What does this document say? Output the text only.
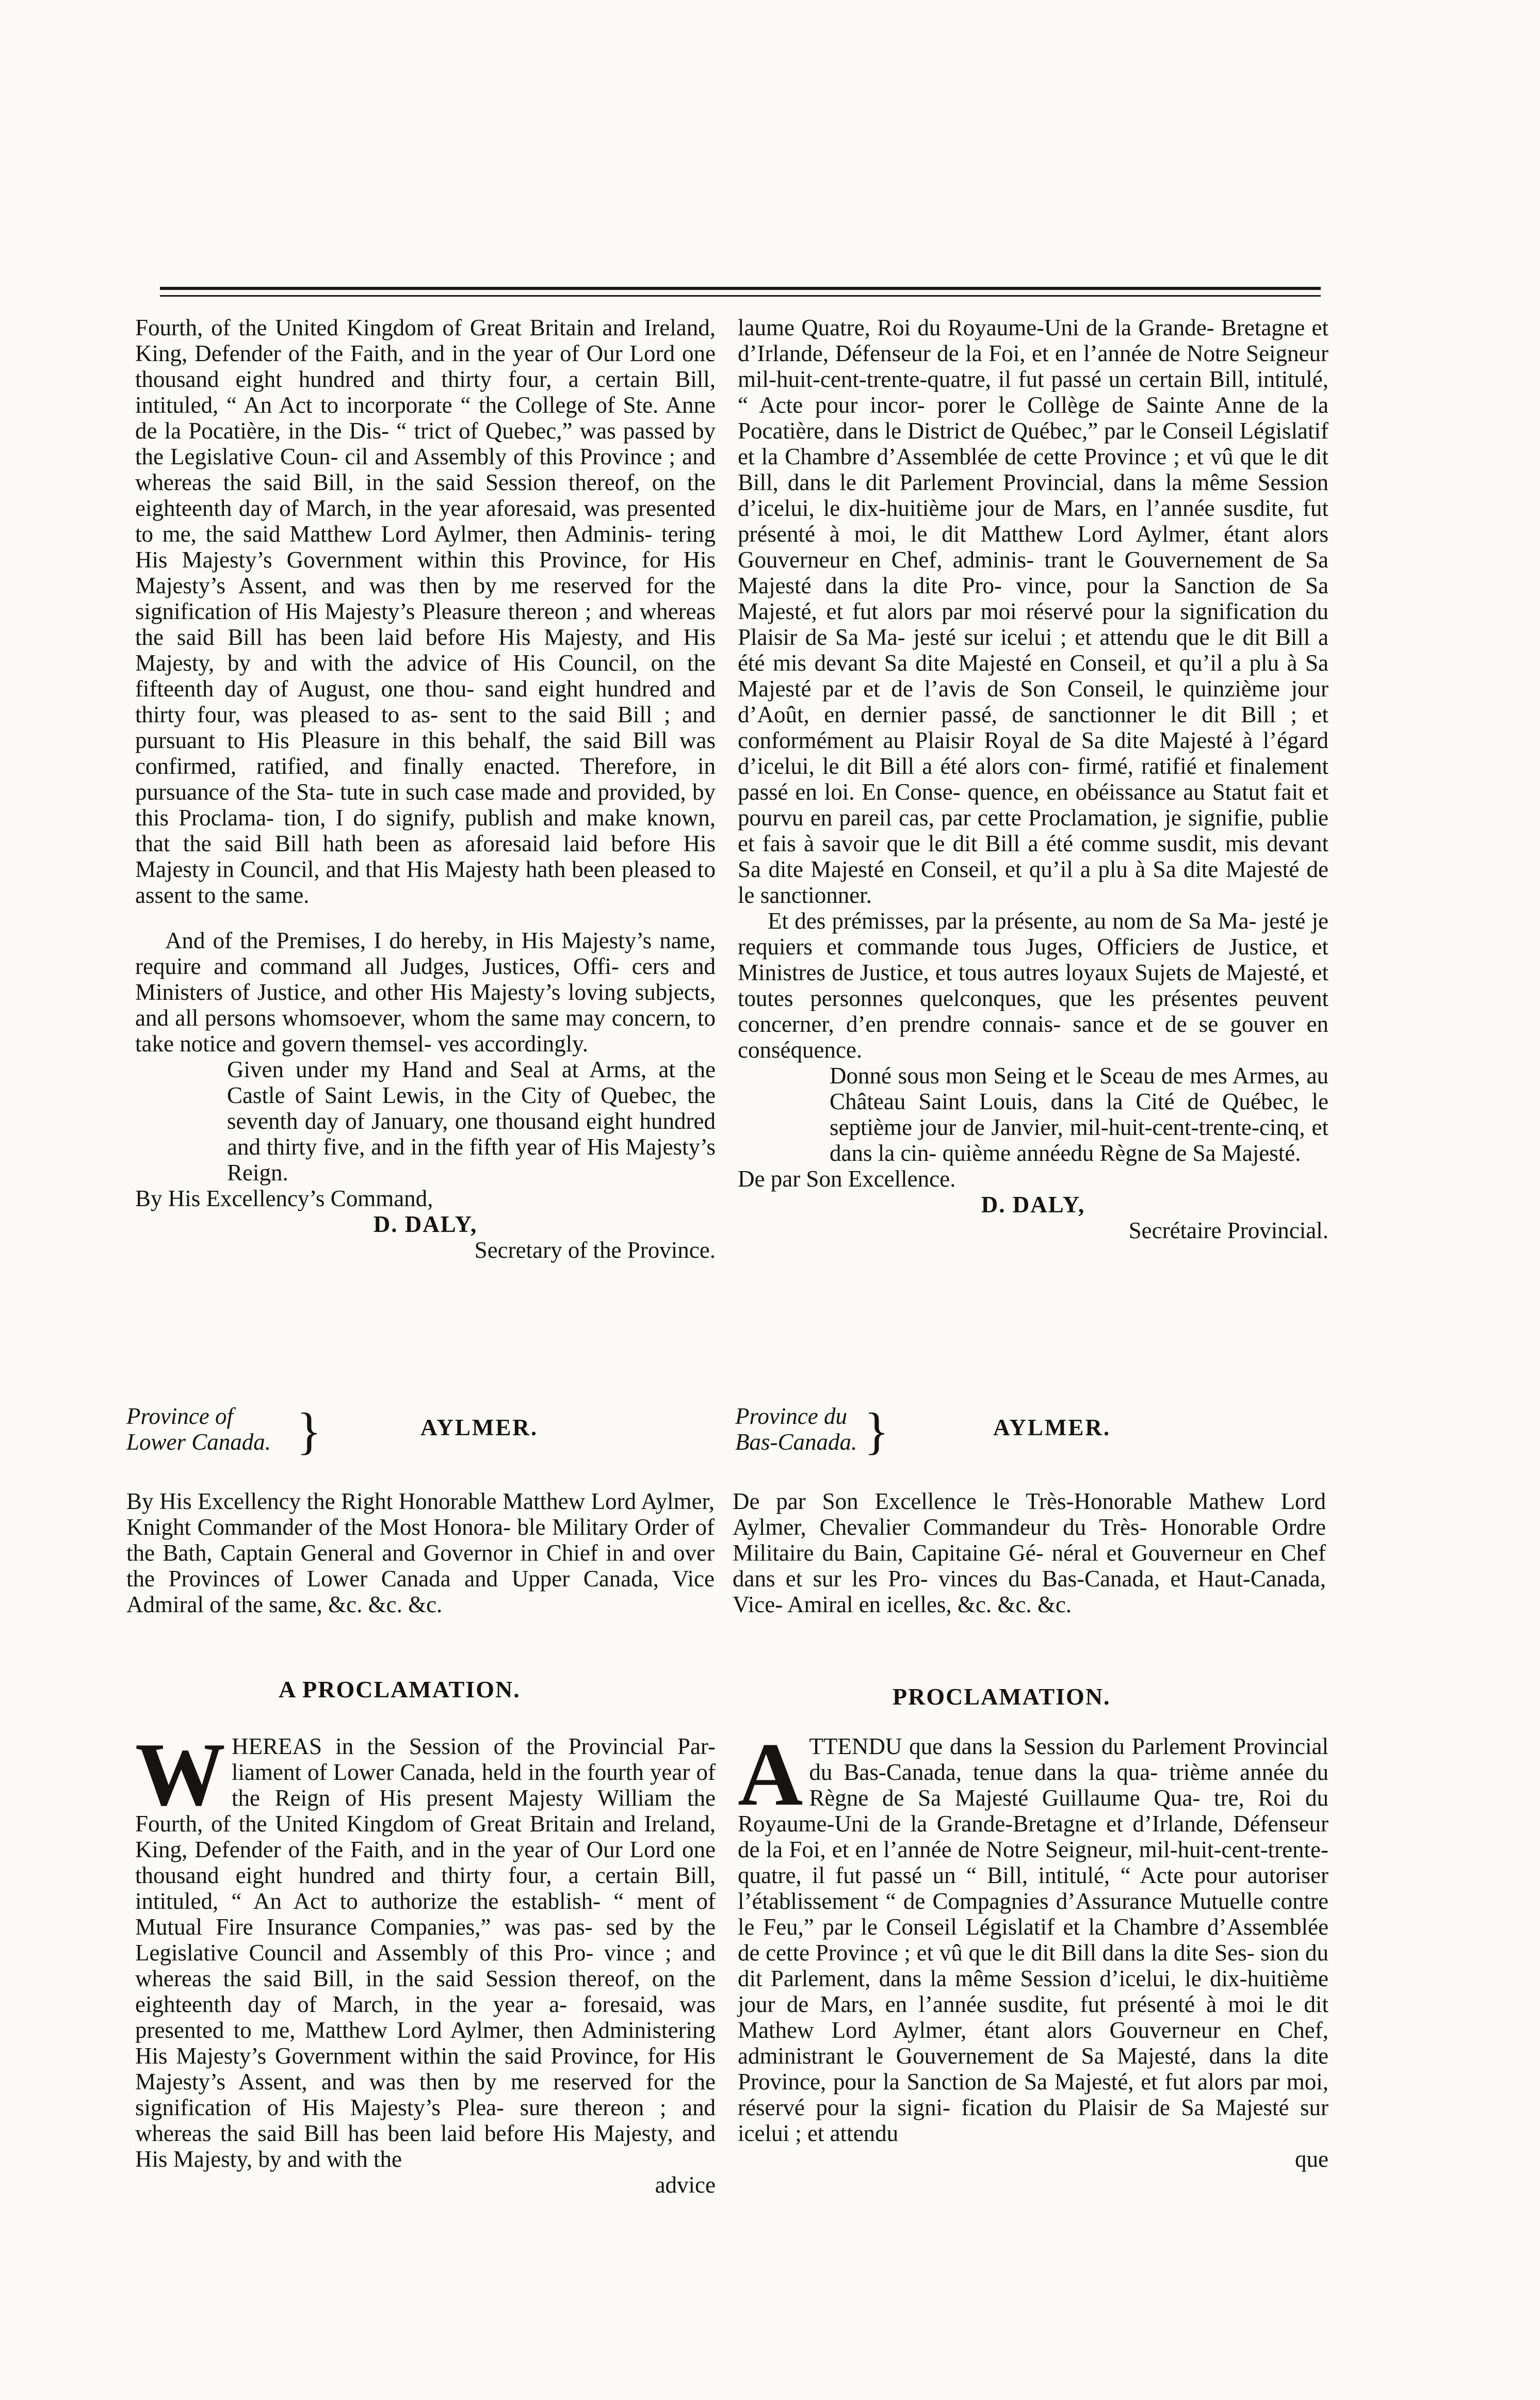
Fourth, of the United Kingdom of Great Britain and Ireland, King, Defender of the Faith, and in the year of Our Lord one thousand eight hundred and thirty four, a certain Bill, intituled, “ An Act to incorporate “ the College of Ste. Anne de la Pocatière, in the Dis- “ trict of Quebec,” was passed by the Legislative Coun- cil and Assembly of this Province ; and whereas the said Bill, in the said Session thereof, on the eighteenth day of March, in the year aforesaid, was presented to me, the said Matthew Lord Aylmer, then Adminis- tering His Majesty’s Government within this Province, for His Majesty’s Assent, and was then by me reserved for the signification of His Majesty’s Pleasure thereon ; and whereas the said Bill has been laid before His Majesty, and His Majesty, by and with the advice of His Council, on the fifteenth day of August, one thou- sand eight hundred and thirty four, was pleased to as- sent to the said Bill ; and pursuant to His Pleasure in this behalf, the said Bill was confirmed, ratified, and finally enacted. Therefore, in pursuance of the Sta- tute in such case made and provided, by this Proclama- tion, I do signify, publish and make known, that the said Bill hath been as aforesaid laid before His Majesty in Council, and that His Majesty hath been pleased to assent to the same.

And of the Premises, I do hereby, in His Majesty’s name, require and command all Judges, Justices, Offi- cers and Ministers of Justice, and other His Majesty’s loving subjects, and all persons whomsoever, whom the same may concern, to take notice and govern themsel- ves accordingly.

Given under my Hand and Seal at Arms, at the Castle of Saint Lewis, in the City of Quebec, the seventh day of January, one thousand eight hundred and thirty five, and in the fifth year of His Majesty’s Reign.

By His Excellency’s Command,

D. DALY,

Secretary of the Province.

laume Quatre, Roi du Royaume-Uni de la Grande- Bretagne et d’Irlande, Défenseur de la Foi, et en l’année de Notre Seigneur mil-huit-cent-trente-quatre, il fut passé un certain Bill, intitulé, “ Acte pour incor- porer le Collège de Sainte Anne de la Pocatière, dans le District de Québec,” par le Conseil Législatif et la Chambre d’Assemblée de cette Province ; et vû que le dit Bill, dans le dit Parlement Provincial, dans la même Session d’icelui, le dix-huitième jour de Mars, en l’année susdite, fut présenté à moi, le dit Matthew Lord Aylmer, étant alors Gouverneur en Chef, adminis- trant le Gouvernement de Sa Majesté dans la dite Pro- vince, pour la Sanction de Sa Majesté, et fut alors par moi réservé pour la signification du Plaisir de Sa Ma- jesté sur icelui ; et attendu que le dit Bill a été mis devant Sa dite Majesté en Conseil, et qu’il a plu à Sa Majesté par et de l’avis de Son Conseil, le quinzième jour d’Août, en dernier passé, de sanctionner le dit Bill ; et conformément au Plaisir Royal de Sa dite Majesté à l’égard d’icelui, le dit Bill a été alors con- firmé, ratifié et finalement passé en loi. En Conse- quence, en obéissance au Statut fait et pourvu en pareil cas, par cette Proclamation, je signifie, publie et fais à savoir que le dit Bill a été comme susdit, mis devant Sa dite Majesté en Conseil, et qu’il a plu à Sa dite Majesté de le sanctionner.

Et des prémisses, par la présente, au nom de Sa Ma- jesté je requiers et commande tous Juges, Officiers de Justice, et Ministres de Justice, et tous autres loyaux Sujets de Majesté, et toutes personnes quelconques, que les présentes peuvent concerner, d’en prendre connais- sance et de se gouver en conséquence.

Donné sous mon Seing et le Sceau de mes Armes, au Château Saint Louis, dans la Cité de Québec, le septième jour de Janvier, mil-huit-cent-trente-cinq, et dans la cin- quième annéedu Règne de Sa Majesté.

De par Son Excellence.

D. DALY,

Secrétaire Provincial.

Province of
Lower Canada. }	AYLMER.	Province du
Bas-Canada. }	AYLMER.

By His Excellency the Right Honorable Matthew Lord Aylmer, Knight Commander of the Most Honora- ble Military Order of the Bath, Captain General and Governor in Chief in and over the Provinces of Lower Canada and Upper Canada, Vice Admiral of the same, &c. &c. &c.

De par Son Excellence le Très-Honorable Mathew Lord Aylmer, Chevalier Commandeur du Très- Honorable Ordre Militaire du Bain, Capitaine Gé- néral et Gouverneur en Chef dans et sur les Pro- vinces du Bas-Canada, et Haut-Canada, Vice- Amiral en icelles, &c. &c. &c.

A PROCLAMATION.	PROCLAMATION.

W HEREAS in the Session of the Provincial Par- liament of Lower Canada, held in the fourth year of the Reign of His present Majesty William the Fourth, of the United Kingdom of Great Britain and Ireland, King, Defender of the Faith, and in the year of Our Lord one thousand eight hundred and thirty four, a certain Bill, intituled, “ An Act to authorize the establish- “ ment of Mutual Fire Insurance Companies,” was pas- sed by the Legislative Council and Assembly of this Pro- vince ; and whereas the said Bill, in the said Session thereof, on the eighteenth day of March, in the year a- foresaid, was presented to me, Matthew Lord Aylmer, then Administering His Majesty’s Government within the said Province, for His Majesty’s Assent, and was then by me reserved for the signification of His Majesty’s Plea- sure thereon ; and whereas the said Bill has been laid before His Majesty, and His Majesty, by and with the

advice

A TTENDU que dans la Session du Parlement Provincial du Bas-Canada, tenue dans la qua- trième année du Règne de Sa Majesté Guillaume Qua- tre, Roi du Royaume-Uni de la Grande-Bretagne et d’Irlande, Défenseur de la Foi, et en l’année de Notre Seigneur, mil-huit-cent-trente-quatre, il fut passé un “ Bill, intitulé, “ Acte pour autoriser l’établissement “ de Compagnies d’Assurance Mutuelle contre le Feu,” par le Conseil Législatif et la Chambre d’Assemblée de cette Province ; et vû que le dit Bill dans la dite Ses- sion du dit Parlement, dans la même Session d’icelui, le dix-huitième jour de Mars, en l’année susdite, fut présenté à moi le dit Mathew Lord Aylmer, étant alors Gouverneur en Chef, administrant le Gouvernement de Sa Majesté, dans la dite Province, pour la Sanction de Sa Majesté, et fut alors par moi, réservé pour la signi- fication du Plaisir de Sa Majesté sur icelui ; et attendu

que
